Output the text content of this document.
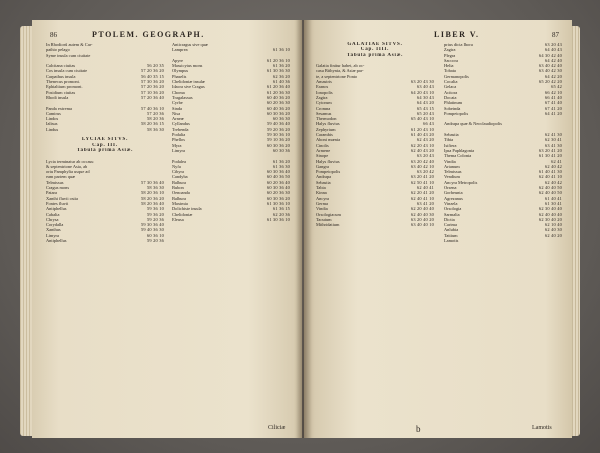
PTOLEM. GEOGRAPH.
86
In Rhodiorũ autem & Car-
pathio pelago
Syme insula cum ciuitate

Calcitana ciuitas	56 20 35
Cos insula cum ciuitate	57 20 36 20
Carpathus insula	56 40 35 15
Thenecus promont.	57 30 36 20
Ephialtium promont.	57 20 36 20
Posidium ciuitas	57 10 36 20
Rhodi insula	57 20 36 40

Panda extrema	57 40 36 10
Camirus	57 20 36
Lindos	58 20 36
Ialisus	58 20 36 15
Lindus	58 36 30

LYCIAE SITVS.
Cap. III.
Tabula prima Asiæ.

Lycia terminatur ab occasu
& septentrione Asia, ab
ortu Pamphylia usque ad
eam partem quæ
Telmissus	57 30 36 40
Cragus mons	58 36 30
Patara	58 20 36 10
Xanthi fluvii ostia	58 20 36 20
Fontes fluvii	58 20 36 40
Antiphellus	59 36 10
Cabalia	59 36 20
Chrysa	59 20 36
Corydalla	59 30 36 40
Xanthus	59 40 36 30
Limyra	60 36 10
Antiphellus	59 20 36
Anticragus sive quæ
Lamprea	61 36 10

Apyre	61 20 36 10
Massicytus mons	61 36 20
Olympus	61 30 36 30
Phaselis	62 36 20
Chelidoniæ insulæ	61 40 36
Idacra sive Cragus	61 20 36 40
Choma	61 20 36 30
Tragalassus	60 40 36 20
Cyrbe	60 20 36 30
Sinda	60 40 36 20
Nisa	60 30 36 20
Arneæ	60 36 30
Cyllandus	59 40 36 40
Trebenda	59 20 36 20
Podalia	59 30 36 10
Phellos	59 10 36 20
Myra	60 30 36 20
Limyra	60 30 36

Podalea	61 36 20
Nyfa	61 36 30
Cibyra	60 30 36 40
Candyba	60 40 36 50
Balbura	60 20 36 40
Bubon	60 30 36 40
Oenoanda	60 20 36 30
Balbura	60 30 36 20
Maximia	61 30 36 10
Dolichiste insula	61 36 15
Chelidoniæ	62 20 36
Eleusa	61 30 36 10
Ciliciæ
LIBER V.	87
GALATIAE SITVS.
Cap. IIII.
Tabula prima Asiæ.

Galatia finitur habet, ab oc-
casu Bithynia, & Asiæ par-
te, a septentrione Ponto
Amastris	63 20 43 30
Eranos	63 40 43
Ionopolis	64 20 43 10
Zagira	64 30 43
Cytorum	64 43 20
Cromna	65 43 15
Sesamus	65 20 43
Thermodon	65 40 43 10
Halys fluvius	66 43
Zephyrium	61 20 43 10
Carambis	61 40 43 20
Aboni mœnia	62 43 20
Cinolis	62 20 43 10
Armene	62 40 43 20
Sinope	63 20 43
Halys fluvius	63 20 42 40
Gangra	63 40 42 10
Pompeiopolis	63 20 42
Andrapa	63 20 41 20
Sebastia	62 50 41 10
Tabia	62 40 41
Kinna	62 20 41 20
Ancyra	62 40 41 10
Germa	63 41 20
Vindia	62 20 40 40
Orsologiacum	62 40 40 30
Taouium	63 20 40 20
Mithridatium	63 40 40 10
prius dicta Ibora	63 20 43
Zagira	64 40 43
Plegra	64 30 42 40
Saccora	64 42 40
Helia	63 40 42 40
Tobata	63 40 42 30
Germanopolis	64 42 20
Cocalia	65 20 42 20
Gelaca	65 42
Acitora	66 42 10
Docaia	66 41 40
Phlatinum	67 41 40
Sobeinda	67 41 20
Pompeiopolis	64 41 20

Andrapa quæ & Neoclaudiopolis

Sebastia	62 41 30
Tibia	62 30 41
Isifiera	63 41 30
Ipsa Paphlagonia	63 20 41 20
Thema Colonia	61 30 41 20
Vindia	62 41
Artanum	62 40 42
Telmissus	61 40 41 30
Vendium	62 40 41 10
Ancyra Metropolis	62 40 42
Orsena	62 40 40 50
Gorbeunta	62 40 40 50
Agrezanus	61 40 41
Vinzela	61 30 41
Orsologia	62 30 40 40
Sarmalia	62 40 40 40
Dictia	62 30 40 20
Carima	62 10 40
Anlubia	62 40 30
Tattium	62 40 20
Lamotis
b	Lamotis
